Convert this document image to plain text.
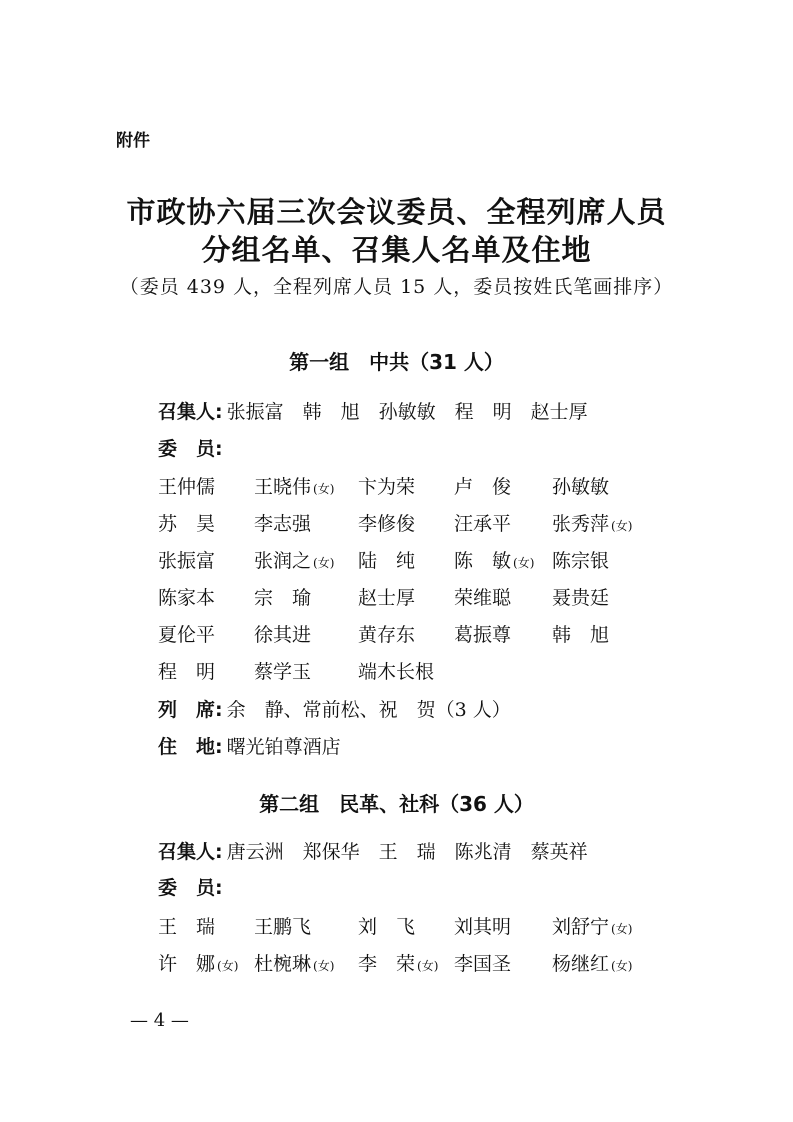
附件
市政协六届三次会议委员、全程列席人员
分组名单、召集人名单及住地
（委员 439 人，全程列席人员 15 人，委员按姓氏笔画排序）
第一组　中共（31 人）
召集人: 张振富　韩　旭　孙敏敏　程　明　赵士厚
委　员:
王仲儒 王晓伟 (女) 卞为荣 卢　俊 孙敏敏
苏　昊 李志强 李修俊 汪承平 张秀萍 (女)
张振富 张润之 (女) 陆　纯 陈　敏 (女) 陈宗银
陈家本 宗　瑜 赵士厚 荣维聪 聂贵廷
夏伦平 徐其进 黄存东 葛振尊 韩　旭
程　明 蔡学玉 端木长根
列　席: 余　静、常前松、祝　贺（3 人）
住　地: 曙光铂尊酒店
第二组　民革、社科（36 人）
召集人: 唐云洲　郑保华　王　瑞　陈兆清　蔡英祥
委　员:
王　瑞 王鹏飞 刘　飞 刘其明 刘舒宁 (女)
许　娜 (女) 杜椀琳 (女) 李　荣 (女) 李国圣 杨继红 (女)
— 4 —
